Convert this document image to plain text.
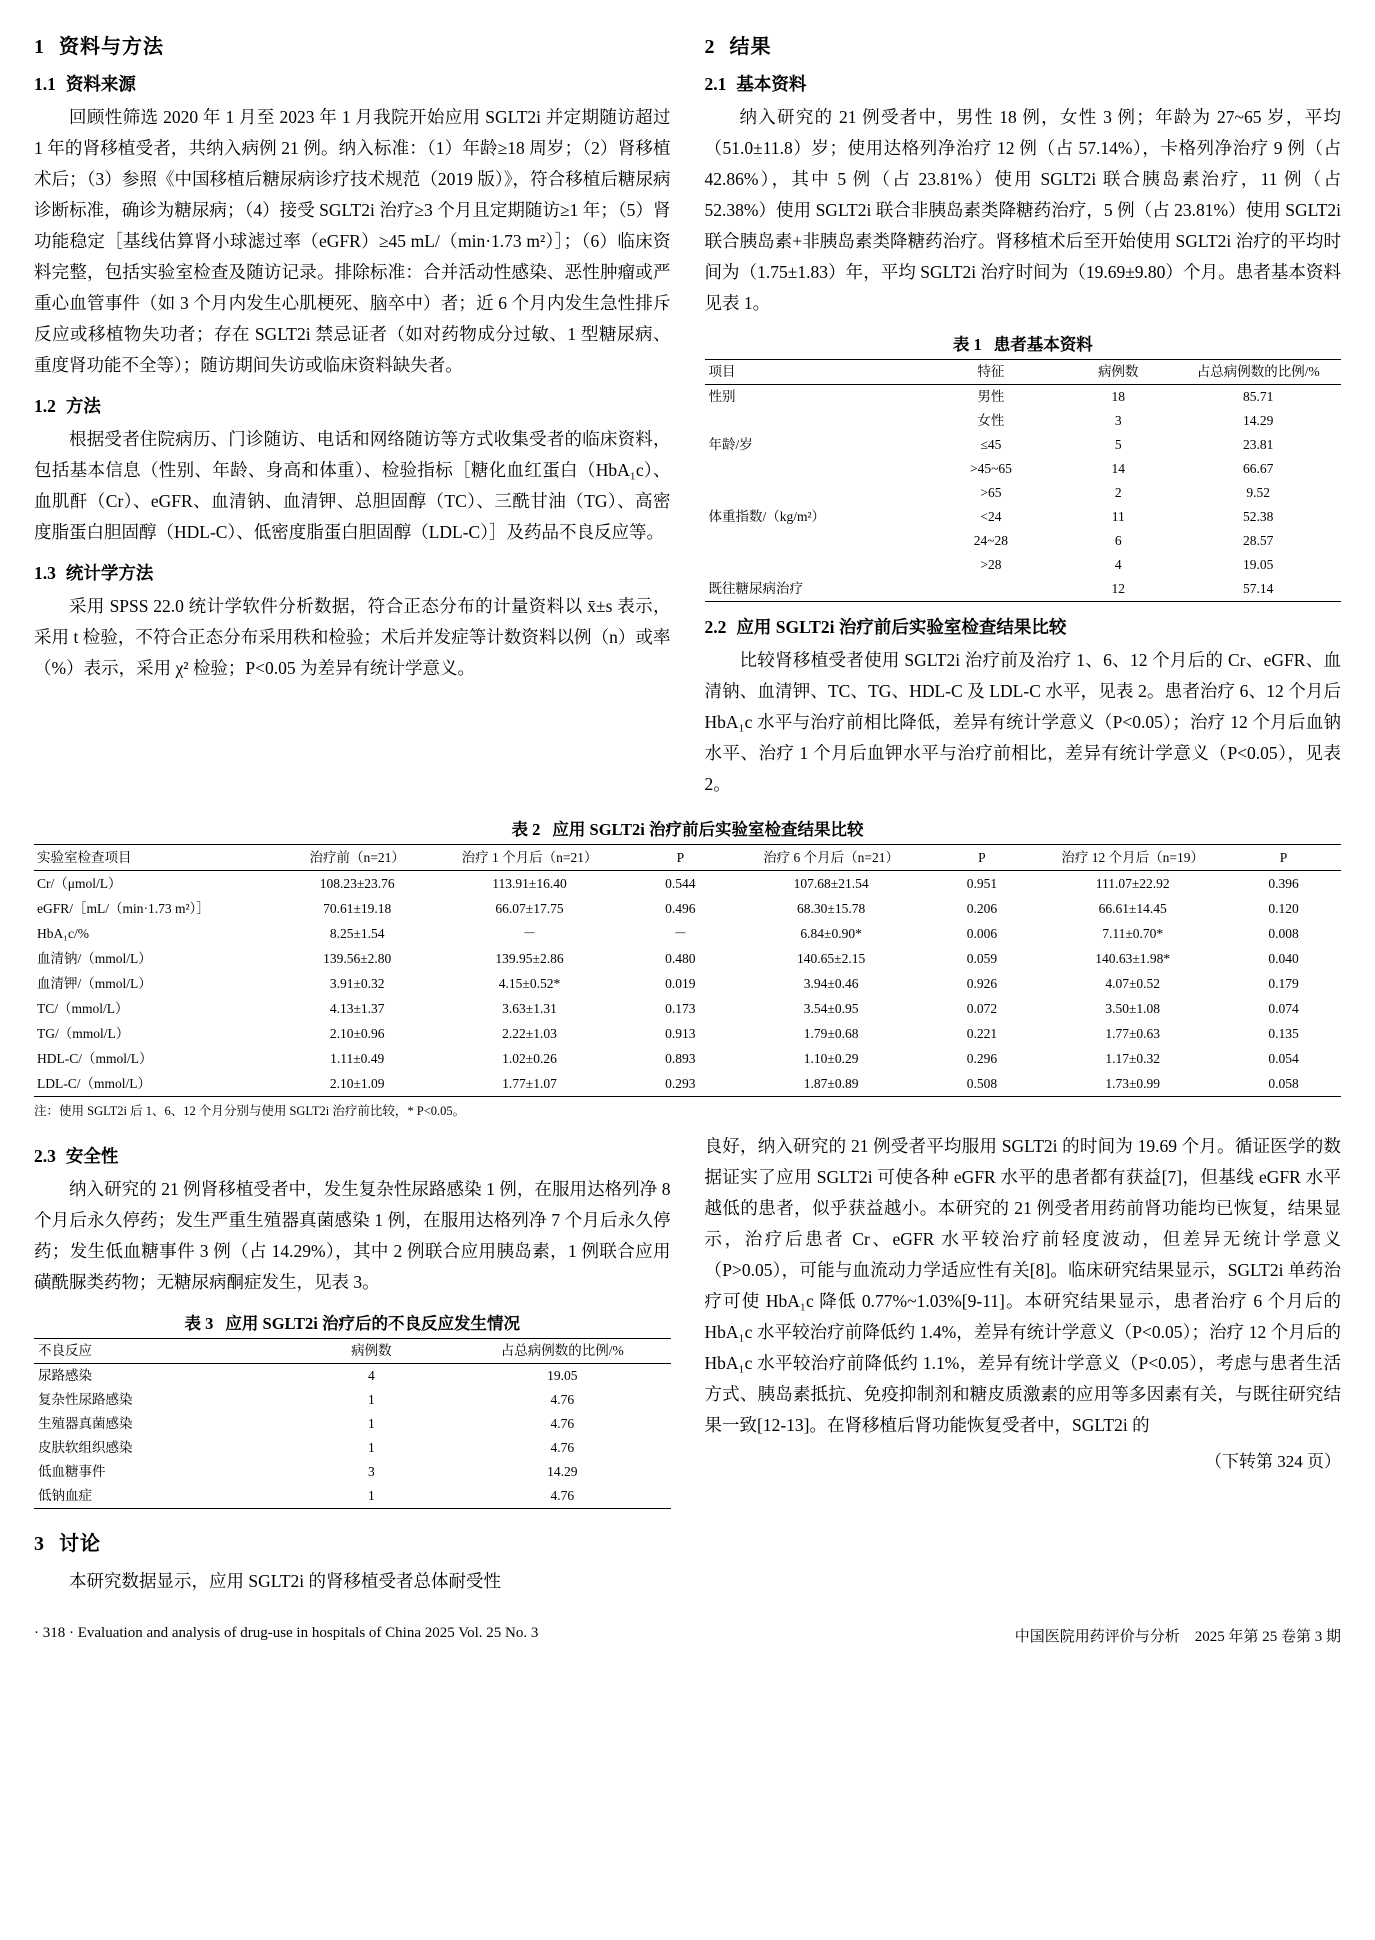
1 资料与方法
1.1 资料来源

回顾性筛选 2020 年 1 月至 2023 年 1 月我院开始应用 SGLT2i 并定期随访超过 1 年的肾移植受者，共纳入病例 21 例。纳入标准：（1）年龄≥18 周岁；（2）肾移植术后；（3）参照《中国移植后糖尿病诊疗技术规范（2019 版）》，符合移植后糖尿病诊断标准，确诊为糖尿病；（4）接受 SGLT2i 治疗≥3 个月且定期随访≥1 年；（5）肾功能稳定［基线估算肾小球滤过率（eGFR）≥45 mL/（min·1.73 m²）］；（6）临床资料完整，包括实验室检查及随访记录。排除标准：合并活动性感染、恶性肿瘤或严重心血管事件（如 3 个月内发生心肌梗死、脑卒中）者；近 6 个月内发生急性排斥反应或移植物失功者；存在 SGLT2i 禁忌证者（如对药物成分过敏、1 型糖尿病、重度肾功能不全等）；随访期间失访或临床资料缺失者。

1.2 方法

根据受者住院病历、门诊随访、电话和网络随访等方式收集受者的临床资料，包括基本信息（性别、年龄、身高和体重）、检验指标［糖化血红蛋白（HbA₁c）、血肌酐（Cr）、eGFR、血清钠、血清钾、总胆固醇（TC）、三酰甘油（TG）、高密度脂蛋白胆固醇（HDL-C）、低密度脂蛋白胆固醇（LDL-C）］及药品不良反应等。

1.3 统计学方法

采用 SPSS 22.0 统计学软件分析数据，符合正态分布的计量资料以 x̄±s 表示，采用 t 检验，不符合正态分布采用秩和检验；术后并发症等计数资料以例（n）或率（%）表示，采用 χ² 检验；P<0.05 为差异有统计学意义。

2 结果
2.1 基本资料

纳入研究的 21 例受者中，男性 18 例，女性 3 例；年龄为 27~65 岁，平均（51.0±11.8）岁；使用达格列净治疗 12 例（占 57.14%），卡格列净治疗 9 例（占 42.86%），其中 5 例（占 23.81%）使用 SGLT2i 联合胰岛素治疗，11 例（占 52.38%）使用 SGLT2i 联合非胰岛素类降糖药治疗，5 例（占 23.81%）使用 SGLT2i 联合胰岛素+非胰岛素类降糖药治疗。肾移植术后至开始使用 SGLT2i 治疗的平均时间为（1.75±1.83）年，平均 SGLT2i 治疗时间为（19.69±9.80）个月。患者基本资料见表 1。

表 1 患者基本资料
项目	特征	病例数	占总病例数的比例/%
性别	男性	18	85.71
	女性	3	14.29
年龄/岁	≤45	5	23.81
	>45~65	14	66.67
	>65	2	9.52
体重指数/（kg/m²）	<24	11	52.38
	24~28	6	28.57
	>28	4	19.05
既往糖尿病治疗		12	57.14
2.2 应用 SGLT2i 治疗前后实验室检查结果比较

比较肾移植受者使用 SGLT2i 治疗前及治疗 1、6、12 个月后的 Cr、eGFR、血清钠、血清钾、TC、TG、HDL-C 及 LDL-C 水平，见表 2。患者治疗 6、12 个月后 HbA₁c 水平与治疗前相比降低，差异有统计学意义（P<0.05）；治疗 12 个月后血钠水平、治疗 1 个月后血钾水平与治疗前相比，差异有统计学意义（P<0.05），见表 2。

表 2 应用 SGLT2i 治疗前后实验室检查结果比较
实验室检查项目	治疗前（n=21）	治疗 1 个月后（n=21）	P	治疗 6 个月后（n=21）	P	治疗 12 个月后（n=19）	P
Cr/（μmol/L）	108.23±23.76	113.91±16.40	0.544	107.68±21.54	0.951	111.07±22.92	0.396
eGFR/［mL/（min·1.73 m²）］	70.61±19.18	66.07±17.75	0.496	68.30±15.78	0.206	66.61±14.45	0.120
HbA₁c/%	8.25±1.54	－	－	6.84±0.90*	0.006	7.11±0.70*	0.008
血清钠/（mmol/L）	139.56±2.80	139.95±2.86	0.480	140.65±2.15	0.059	140.63±1.98*	0.040
血清钾/（mmol/L）	3.91±0.32	4.15±0.52*	0.019	3.94±0.46	0.926	4.07±0.52	0.179
TC/（mmol/L）	4.13±1.37	3.63±1.31	0.173	3.54±0.95	0.072	3.50±1.08	0.074
TG/（mmol/L）	2.10±0.96	2.22±1.03	0.913	1.79±0.68	0.221	1.77±0.63	0.135
HDL-C/（mmol/L）	1.11±0.49	1.02±0.26	0.893	1.10±0.29	0.296	1.17±0.32	0.054
LDL-C/（mmol/L）	2.10±1.09	1.77±1.07	0.293	1.87±0.89	0.508	1.73±0.99	0.058

注：使用 SGLT2i 后 1、6、12 个月分别与使用 SGLT2i 治疗前比较，* P<0.05。

2.3 安全性

纳入研究的 21 例肾移植受者中，发生复杂性尿路感染 1 例，在服用达格列净 8 个月后永久停药；发生严重生殖器真菌感染 1 例，在服用达格列净 7 个月后永久停药；发生低血糖事件 3 例（占 14.29%），其中 2 例联合应用胰岛素，1 例联合应用磺酰脲类药物；无糖尿病酮症发生，见表 3。

表 3 应用 SGLT2i 治疗后的不良反应发生情况
不良反应	病例数	占总病例数的比例/%
尿路感染	4	19.05
复杂性尿路感染	1	4.76
生殖器真菌感染	1	4.76
皮肤软组织感染	1	4.76
低血糖事件	3	14.29
低钠血症	1	4.76
3 讨论

本研究数据显示，应用 SGLT2i 的肾移植受者总体耐受性

良好，纳入研究的 21 例受者平均服用 SGLT2i 的时间为 19.69 个月。循证医学的数据证实了应用 SGLT2i 可使各种 eGFR 水平的患者都有获益[7]，但基线 eGFR 水平越低的患者，似乎获益越小。本研究的 21 例受者用药前肾功能均已恢复，结果显示，治疗后患者 Cr、eGFR 水平较治疗前轻度波动，但差异无统计学意义（P>0.05），可能与血流动力学适应性有关[8]。临床研究结果显示，SGLT2i 单药治疗可使 HbA₁c 降低 0.77%~1.03%[9-11]。本研究结果显示，患者治疗 6 个月后的 HbA₁c 水平较治疗前降低约 1.4%，差异有统计学意义（P<0.05）；治疗 12 个月后的 HbA₁c 水平较治疗前降低约 1.1%，差异有统计学意义（P<0.05），考虑与患者生活方式、胰岛素抵抗、免疫抑制剂和糖皮质激素的应用等多因素有关，与既往研究结果一致[12-13]。在肾移植后肾功能恢复受者中，SGLT2i 的

（下转第 324 页）
· 318 · Evaluation and analysis of drug-use in hospitals of China 2025 Vol. 25 No. 3	中国医院用药评价与分析　2025 年第 25 卷第 3 期
